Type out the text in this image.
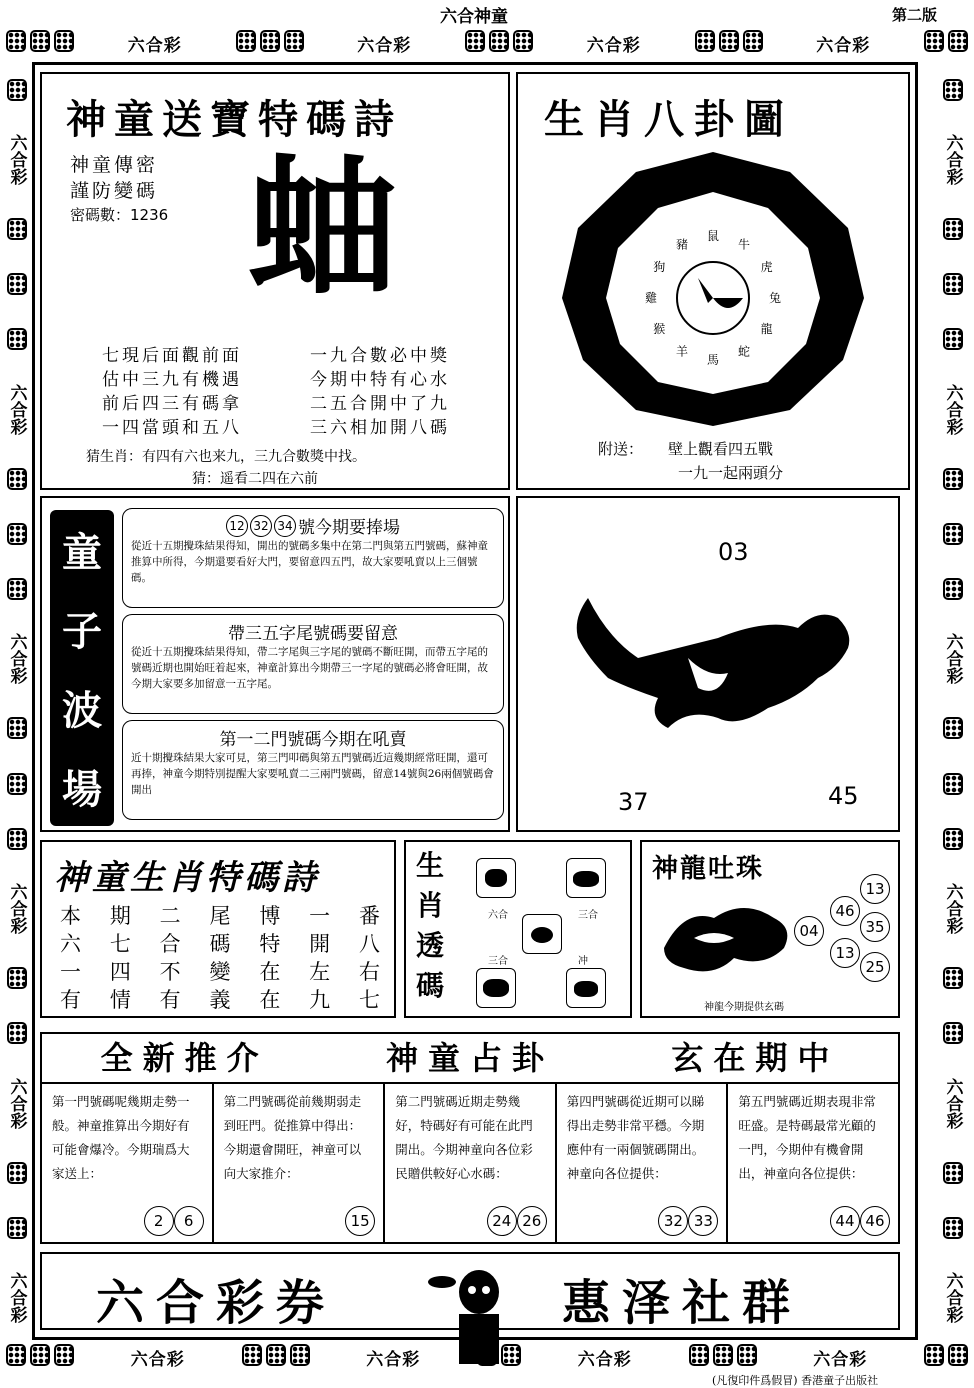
六合神童	第二版
六合彩	六合彩	六合彩	六合彩
六合彩	六合彩	六合彩	六合彩
六合彩
六合彩
六合彩
六合彩
六合彩
六合彩
六合彩
六合彩
六合彩
六合彩
六合彩
六合彩
神童送寶特碼詩
神童傳密
謹防變碼
密碼數：1236 蚰
七現后面觀前面
估中三九有機遇
前后四三有碼拿
一四當頭和五八
一九合數必中獎
今期中特有心水
二五合開中了九
三六相加開八碼
猜生肖：有四有六也来九，三九合數獎中找。
猜：遥看二四在六前
生肖八卦圖
鼠
牛
虎
兔
龍
蛇
馬
羊
猴
雞
狗
豬
附送： 壁上觀看四五戰
一九一起兩頭分
童
子
波
場
12 32 34 號今期要捧場
從近十五期攪珠結果得知，開出的號碼多集中在第二門與第五門號碼，蘇神童推算中所得，今期還要看好大門，要留意四五門，故大家要吼賣以上三個號碼。
帶三五字尾號碼要留意
從近十五期攪珠結果得知，帶二字尾與三字尾的號碼不斷旺開，而帶五字尾的號碼近期也開始旺着起來，神童計算出今期帶三一字尾的號碼必將會旺開，故今期大家要多加留意一五字尾。
第一二門號碼今期在吼賣
近十期攪珠結果大家可見，第三門叩碼與第五門號碼近這幾期經常旺開，還可再捧，神童今期特別提醒大家要吼賣二三兩門號碼，留意14號與26兩個號碼會開出
03
37	45
神童生肖特碼詩
本 期 二 尾 博 一 番
六 七 合 碼 特 開 八
一 四 不 變 在 左 右
有 情 有 義 在 九 七
生
肖
透
碼
六合	三合
三合	冲
神龍吐珠
13
46
04	35
13
25
神龍今期提供玄碼
全新推介	神童占卦	玄在期中
第一門號碼呢幾期走勢一般。神童推算出今期好有可能會爆冷。今期瑞爲大家送上：
2	6
第二門號碼從前幾期弱走到旺門。從推算中得出：今期還會開旺，神童可以向大家推介：
15
第二門號碼近期走勢幾好，特碼好有可能在此門開出。今期神童向各位彩民贈供較好心水碼：
24 26
第四門號碼從近期可以睇得出走勢非常平穩。今期應仲有一兩個號碼開出。神童向各位提供：
32 33
第五門號碼近期表現非常旺盛。是特碼最常光顧的一門，今期仲有機會開出，神童向各位提供：
44 46
六合彩券	惠泽社群
(凡復印件爲假冒) 香港童子出版社
